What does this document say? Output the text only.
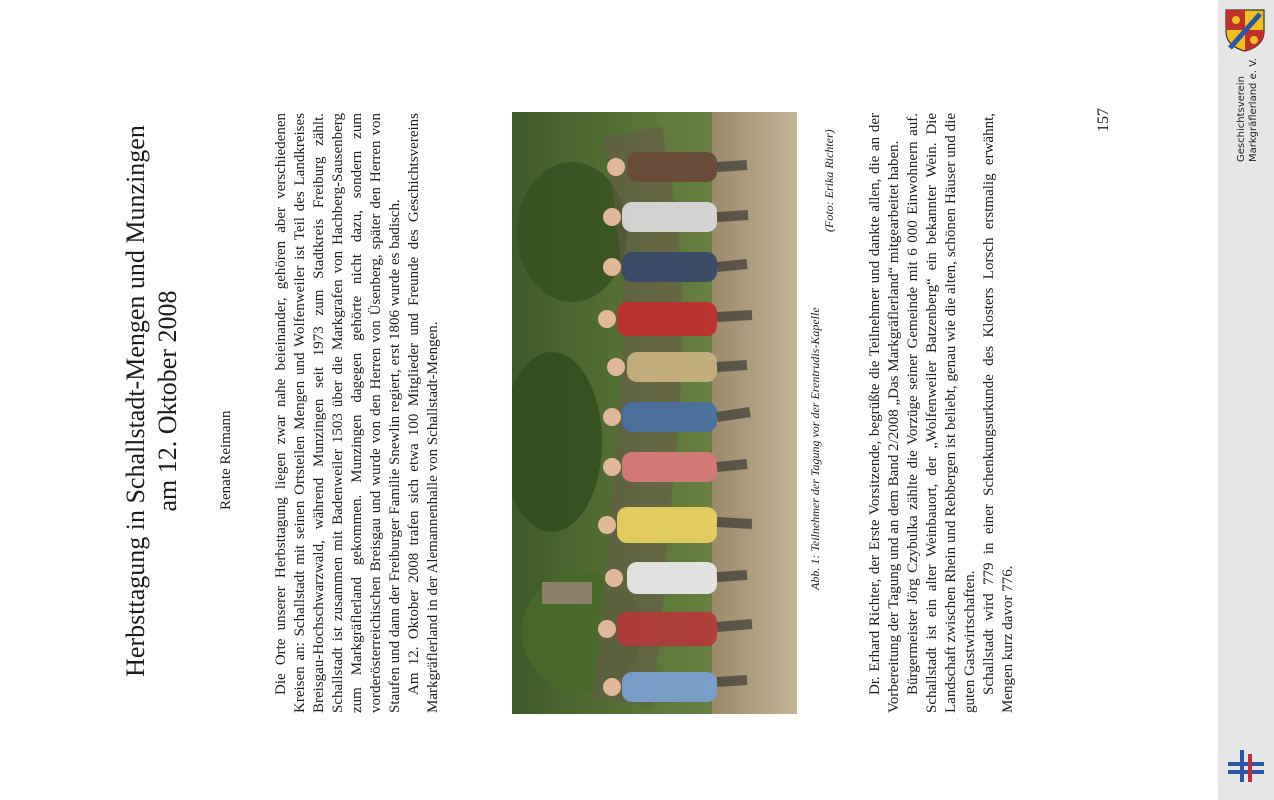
Herbsttagung in Schallstadt-Mengen und Munzingen am 12. Oktober 2008 Renate Reimann	Die Orte unserer Herbsttagung liegen zwar nahe beieinander, gehören aber verschiedenen Kreisen an: Schallstadt mit seinen Ortsteilen Mengen und Wolfenweiler ist Teil des Landkreises Breisgau-Hochschwarzwald, während Munzingen seit 1973 zum Stadtkreis Freiburg zählt. Schallstadt ist zusammen mit Badenweiler 1503 über die Markgrafen von Hachberg-Sausenberg zum Markgräflerland gekommen. Munzingen dagegen gehörte nicht dazu, sondern zum vorderösterreichischen Breisgau und wurde von den Herren von Üsenberg, später den Herren von Staufen und dann der Freiburger Familie Snewlin regiert, erst 1806 wurde es badisch. Am 12. Oktober 2008 trafen sich etwa 100 Mitglieder und Freunde des Geschichtsvereins Markgräflerland in der Alemannenhalle von Schallstadt-Mengen.	Abb. 1: Teilnehmer der Tagung vor der Erentrudis-Kapelle
(Foto: Erika Richter) Dr. Erhard Richter, der Erste Vorsitzende, begrüßte die Teilnehmer und dankte allen, die an der Vorbereitung der Tagung und an dem Band 2/2008 „Das Markgräflerland“ mitgearbeitet haben. Bürgermeister Jörg Czybulka zählte die Vorzüge seiner Gemeinde mit 6 000 Einwohnern auf. Schallstadt ist ein alter Weinbauort, der „Wolfenweiler Batzenberg“ ein bekannter Wein. Die Landschaft zwischen Rhein und Rebbergen ist beliebt, genau wie die alten, schönen Häuser und die guten Gastwirtschaften. Schallstadt wird 779 in einer Schenkungsurkunde des Klosters Lorsch erstmalig erwähnt, Mengen kurz davor 776.

157	Geschichtsverein Markgräflerland e. V.
